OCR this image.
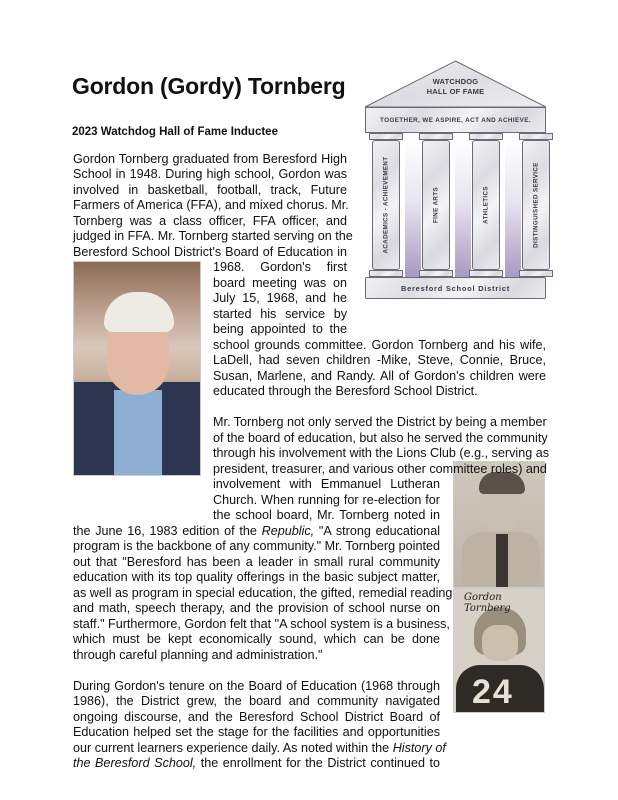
Gordon (Gordy) Tornberg
2023 Watchdog Hall of Fame Inductee
WATCHDOG
HALL OF FAME
TOGETHER, WE ASPIRE, ACT AND ACHIEVE.
ACADEMICS - ACHIEVEMENT	FINE ARTS	ATHLETICS	DISTINGUISHED SERVICE
Beresford School District
24
Gordon Tornberg
Gordon Tornberg graduated from Beresford High
School in 1948. During high school, Gordon was
involved in basketball, football, track, Future
Farmers of America (FFA), and mixed chorus. Mr.
Tornberg was a class officer, FFA officer, and
judged in FFA. Mr. Tornberg started serving on the
Beresford School District's Board of Education in
1968. Gordon's first
board meeting was on
July 15, 1968, and he
started his service by
being appointed to the
school grounds committee. Gordon Tornberg and his wife,
LaDell, had seven children -Mike, Steve, Connie, Bruce,
Susan, Marlene, and Randy. All of Gordon's children were
educated through the Beresford School District.
Mr. Tornberg not only served the District by being a member
of the board of education, but also he served the community
through his involvement with the Lions Club (e.g., serving as
president, treasurer, and various other committee roles) and
involvement with Emmanuel Lutheran
Church. When running for re-election for
the school board, Mr. Tornberg noted in
the June 16, 1983 edition of the Republic, "A strong educational
program is the backbone of any community." Mr. Tornberg pointed
out that "Beresford has been a leader in small rural community
education with its top quality offerings in the basic subject matter,
as well as program in special education, the gifted, remedial reading
and math, speech therapy, and the provision of school nurse on
staff." Furthermore, Gordon felt that "A school system is a business,
which must be kept economically sound, which can be done
through careful planning and administration."
During Gordon's tenure on the Board of Education (1968 through
1986), the District grew, the board and community navigated
ongoing discourse, and the Beresford School District Board of
Education helped set the stage for the facilities and opportunities
our current learners experience daily. As noted within the History of
the Beresford School, the enrollment for the District continued to
